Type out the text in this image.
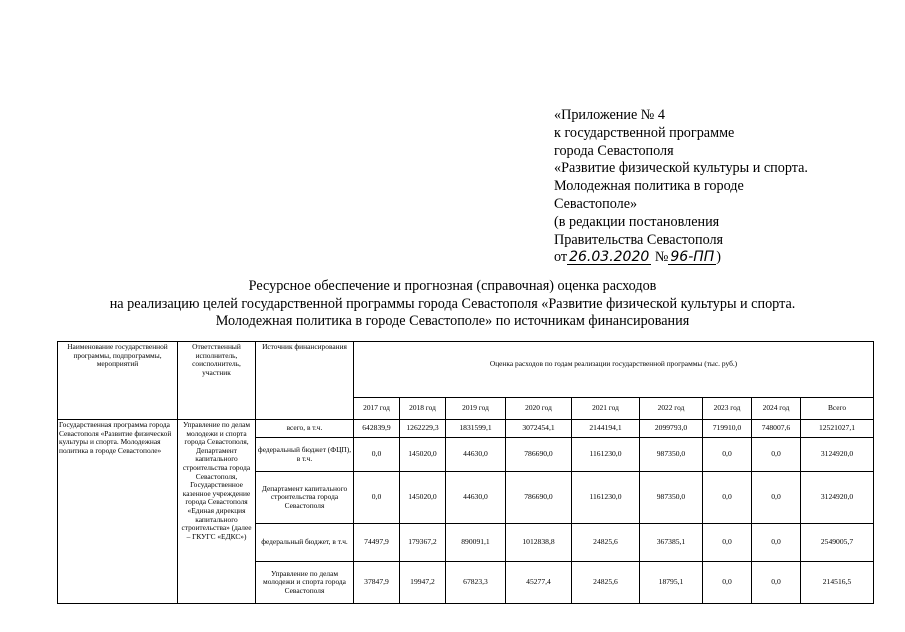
«Приложение № 4
к государственной программе
города Севастополя
«Развитие физической культуры и спорта.
Молодежная политика в городе
Севастополе»
(в редакции постановления
Правительства Севастополя
от 26.03.2020 № 96-ПП )
Ресурсное обеспечение и прогнозная (справочная) оценка расходов
на реализацию целей государственной программы города Севастополя «Развитие физической культуры и спорта.
Молодежная политика в городе Севастополе» по источникам финансирования
Наименование государственной программы, подпрограммы, мероприятий	Ответственный исполнитель, соисполнитель, участник	Источник финансирования	Оценка расходов по годам реализации государственной программы (тыс. руб.)								
			2017 год	2018 год	2019 год	2020 год	2021 год	2022 год	2023 год	2024 год	Всего
Государственная программа города Севастополя «Развитие физической культуры и спорта. Молодежная политика в городе Севастополе»	Управление по делам молодежи и спорта города Севастополя, Департамент капитального строительства города Севастополя, Государственное казенное учреждение города Севастополя «Единая дирекция капитального строительства» (далее – ГКУГС «ЕДКС»)	всего, в т.ч.	642839,9	1262229,3	1831599,1	3072454,1	2144194,1	2099793,0	719910,0	748007,6	12521027,1
		федеральный бюджет (ФЦП), в т.ч.	0,0	145020,0	44630,0	786690,0	1161230,0	987350,0	0,0	0,0	3124920,0
		Департамент капитального строительства города Севастополя	0,0	145020,0	44630,0	786690,0	1161230,0	987350,0	0,0	0,0	3124920,0
		федеральный бюджет, в т.ч.	74497,9	179367,2	890091,1	1012838,8	24825,6	367385,1	0,0	0,0	2549005,7
		Управление по делам молодежи и спорта города Севастополя	37847,9	19947,2	67823,3	45277,4	24825,6	18795,1	0,0	0,0	214516,5
